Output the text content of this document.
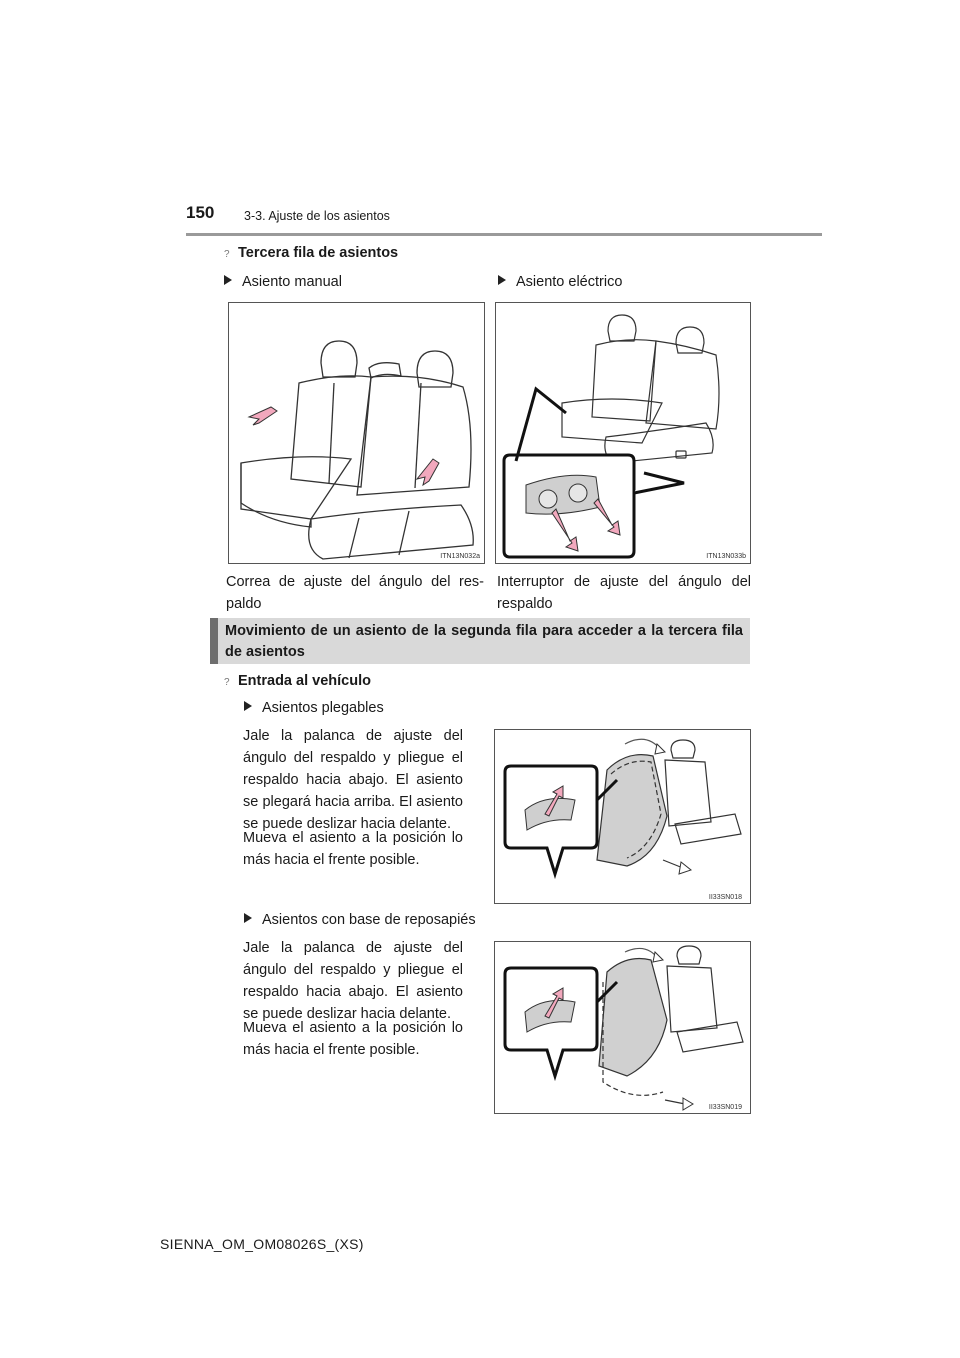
150 3-3. Ajuste de los asientos
? Tercera fila de asientos
Asiento manual	Asiento eléctrico
ITN13N032a	ITN13N033b
Correa de ajuste del ángulo del res-paldo
Interruptor de ajuste del ángulo del respaldo
Movimiento de un asiento de la segunda fila para acceder a la tercera fila de asientos
? Entrada al vehículo
Asientos plegables
Jale la palanca de ajuste del ángulo del respaldo y pliegue el respaldo hacia abajo. El asiento se plegará hacia arriba. El asiento se puede deslizar hacia delante.
Mueva el asiento a la posición lo más hacia el frente posible.
II33SN018
Asientos con base de reposapiés
Jale la palanca de ajuste del ángulo del respaldo y pliegue el respaldo hacia abajo. El asiento se puede deslizar hacia delante.
Mueva el asiento a la posición lo más hacia el frente posible.
II33SN019
SIENNA_OM_OM08026S_(XS)
